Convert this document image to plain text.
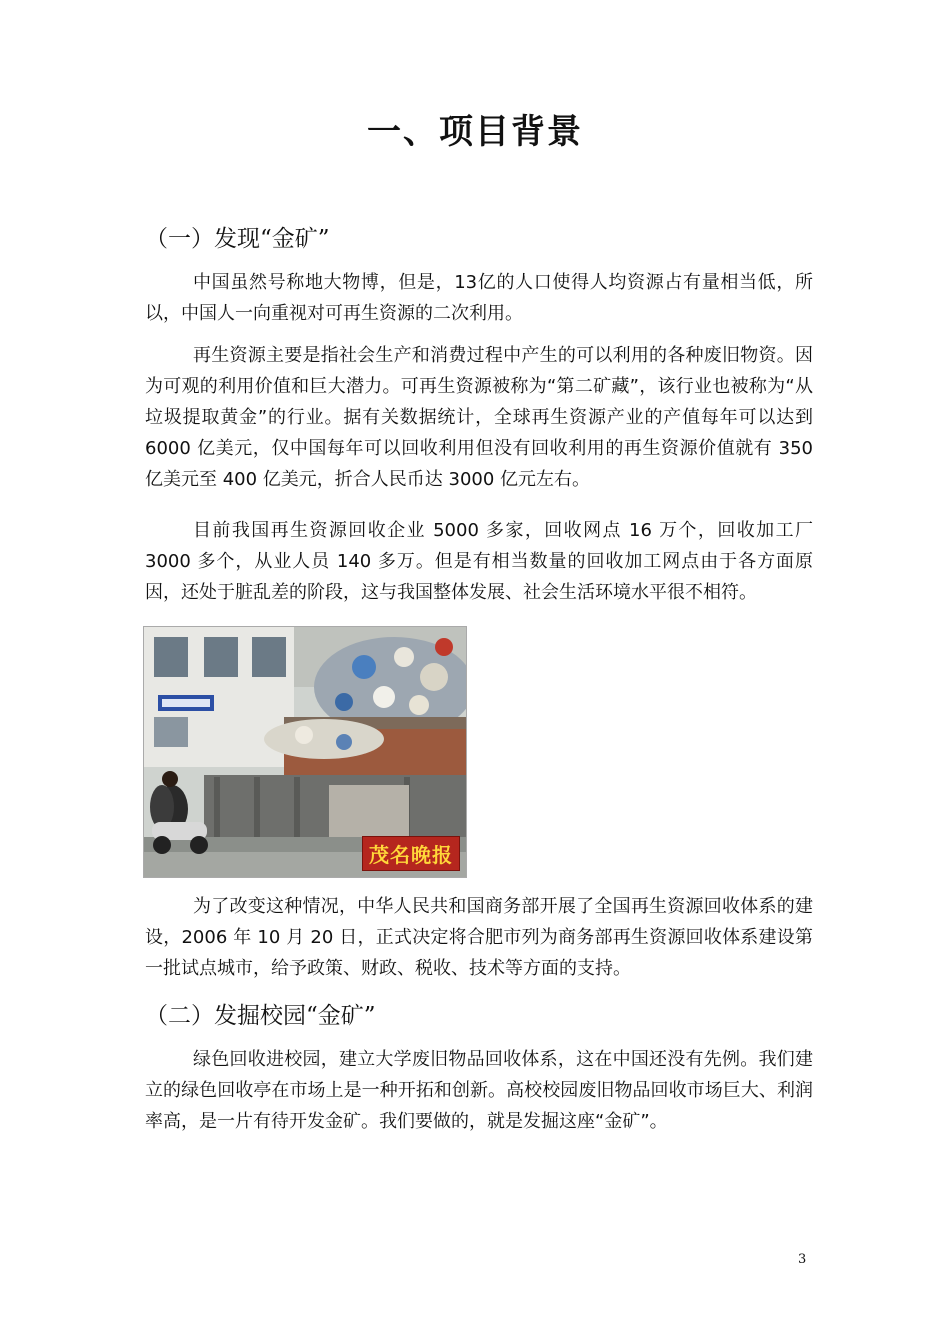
一、项目背景
（一）发现“金矿”

中国虽然号称地大物博，但是，13亿的人口使得人均资源占有量相当低，所以，中国人一向重视对可再生资源的二次利用。

再生资源主要是指社会生产和消费过程中产生的可以利用的各种废旧物资。因为可观的利用价值和巨大潜力。可再生资源被称为“第二矿藏”，该行业也被称为“从垃圾提取黄金”的行业。据有关数据统计，全球再生资源产业的产值每年可以达到 6000 亿美元，仅中国每年可以回收利用但没有回收利用的再生资源价值就有 350 亿美元至 400 亿美元，折合人民币达 3000 亿元左右。

目前我国再生资源回收企业 5000 多家，回收网点 16 万个，回收加工厂 3000 多个，从业人员 140 多万。但是有相当数量的回收加工网点由于各方面原因，还处于脏乱差的阶段，这与我国整体发展、社会生活环境水平很不相符。

茂名晚报

为了改变这种情况，中华人民共和国商务部开展了全国再生资源回收体系的建设，2006 年 10 月 20 日，正式决定将合肥市列为商务部再生资源回收体系建设第一批试点城市，给予政策、财政、税收、技术等方面的支持。

（二）发掘校园“金矿”

绿色回收进校园，建立大学废旧物品回收体系，这在中国还没有先例。我们建立的绿色回收亭在市场上是一种开拓和创新。高校校园废旧物品回收市场巨大、利润率高，是一片有待开发金矿。我们要做的，就是发掘这座“金矿”。

3
